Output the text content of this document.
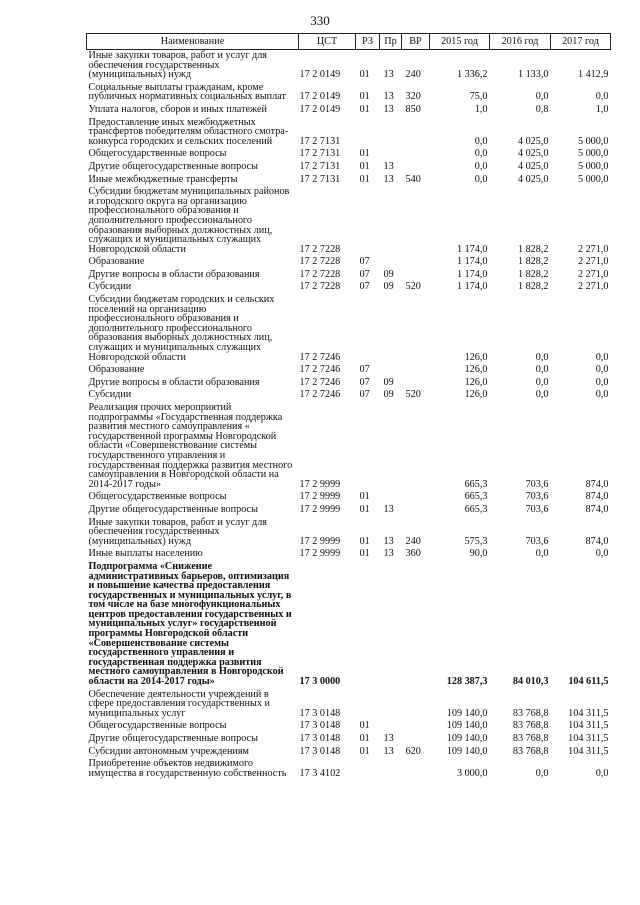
330
Наименование	ЦСТ	РЗ	Пр	ВР	2015 год	2016 год	2017 год
Иные закупки товаров, работ и услуг для обеспечения государственных (муниципальных) нужд	17 2 0149	01	13	240	1 336,2	1 133,0	1 412,9
Социальные выплаты гражданам, кроме публичных нормативных социальных выплат	17 2 0149	01	13	320	75,0	0,0	0,0
Уплата налогов, сборов и иных платежей	17 2 0149	01	13	850	1,0	0,8	1,0
Предоставление иных межбюджетных трансфертов победителям областного смотра-конкурса городских и сельских поселений	17 2 7131				0,0	4 025,0	5 000,0
Общегосударственные вопросы	17 2 7131	01			0,0	4 025,0	5 000,0
Другие общегосударственные вопросы	17 2 7131	01	13		0,0	4 025,0	5 000,0
Иные межбюджетные трансферты	17 2 7131	01	13	540	0,0	4 025,0	5 000,0
Субсидии бюджетам муниципальных районов и городского округа на организацию профессионального образования и дополнительного профессионального образования выборных должностных лиц, служащих и муниципальных служащих Новгородской области	17 2 7228				1 174,0	1 828,2	2 271,0
Образование	17 2 7228	07			1 174,0	1 828,2	2 271,0
Другие вопросы в области образования	17 2 7228	07	09		1 174,0	1 828,2	2 271,0
Субсидии	17 2 7228	07	09	520	1 174,0	1 828,2	2 271,0
Субсидии бюджетам городских и сельских поселений на организацию профессионального образования и дополнительного профессионального образования выборных должностных лиц, служащих и муниципальных служащих Новгородской области	17 2 7246				126,0	0,0	0,0
Образование	17 2 7246	07			126,0	0,0	0,0
Другие вопросы в области образования	17 2 7246	07	09		126,0	0,0	0,0
Субсидии	17 2 7246	07	09	520	126,0	0,0	0,0
Реализация прочих мероприятий подпрограммы «Государственная поддержка развития местного самоуправления « государственной программы Новгородской области «Совершенствование системы государственного управления и государственная поддержка развития местного самоуправления в Новгородской области на 2014-2017 годы»	17 2 9999				665,3	703,6	874,0
Общегосударственные вопросы	17 2 9999	01			665,3	703,6	874,0
Другие общегосударственные вопросы	17 2 9999	01	13		665,3	703,6	874,0
Иные закупки товаров, работ и услуг для обеспечения государственных (муниципальных) нужд	17 2 9999	01	13	240	575,3	703,6	874,0
Иные выплаты населению	17 2 9999	01	13	360	90,0	0,0	0,0
Подпрограмма «Снижение административных барьеров, оптимизация и повышение качества предоставления государственных и муниципальных услуг, в том числе на базе многофункциональных центров предоставления государственных и муниципальных услуг» государственной программы Новгородской области «Совершенствование системы государственного управления и государственная поддержка развития местного самоуправления в Новгородской области на 2014-2017 годы»	17 3 0000				128 387,3	84 010,3	104 611,5
Обеспечение деятельности учреждений в сфере предоставления государственных и муниципальных услуг	17 3 0148				109 140,0	83 768,8	104 311,5
Общегосударственные вопросы	17 3 0148	01			109 140,0	83 768,8	104 311,5
Другие общегосударственные вопросы	17 3 0148	01	13		109 140,0	83 768,8	104 311,5
Субсидии автономным учреждениям	17 3 0148	01	13	620	109 140,0	83 768,8	104 311,5
Приобретение объектов недвижимого имущества в государственную собственность	17 3 4102				3 000,0	0,0	0,0
